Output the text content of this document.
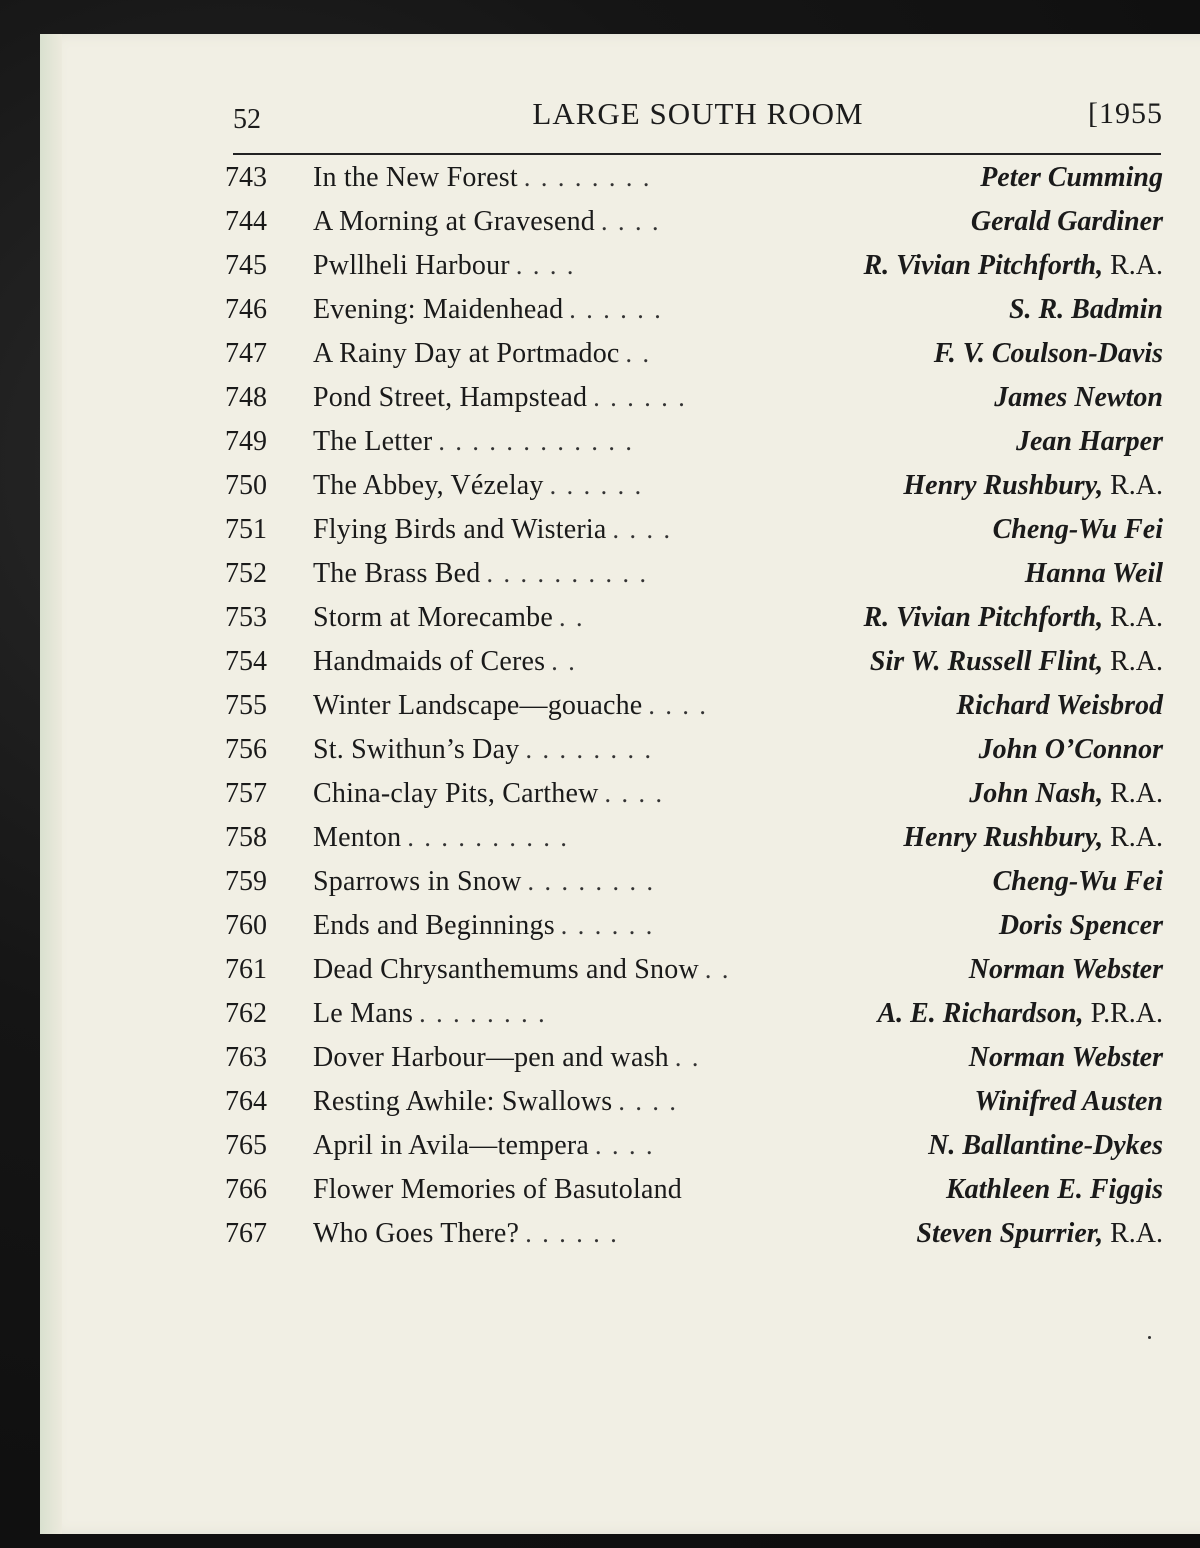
52	LARGE SOUTH ROOM	[1955
743	In the New Forest . . . . . . . .	Peter Cumming
744	A Morning at Gravesend . . . .	Gerald Gardiner
745	Pwllheli Harbour . . . .	R. Vivian Pitchforth, R.A.
746	Evening: Maidenhead . . . . . .	S. R. Badmin
747	A Rainy Day at Portmadoc . .	F. V. Coulson-Davis
748	Pond Street, Hampstead . . . . . .	James Newton
749	The Letter . . . . . . . . . . . .	Jean Harper
750	The Abbey, Vézelay . . . . . .	Henry Rushbury, R.A.
751	Flying Birds and Wisteria . . . .	Cheng-Wu Fei
752	The Brass Bed . . . . . . . . . .	Hanna Weil
753	Storm at Morecambe . .	R. Vivian Pitchforth, R.A.
754	Handmaids of Ceres . .	Sir W. Russell Flint, R.A.
755	Winter Landscape—gouache . . . .	Richard Weisbrod
756	St. Swithun’s Day . . . . . . . .	John O’Connor
757	China-clay Pits, Carthew . . . .	John Nash, R.A.
758	Menton . . . . . . . . . .	Henry Rushbury, R.A.
759	Sparrows in Snow . . . . . . . .	Cheng-Wu Fei
760	Ends and Beginnings . . . . . .	Doris Spencer
761	Dead Chrysanthemums and Snow . .	Norman Webster
762	Le Mans . . . . . . . .	A. E. Richardson, P.R.A.
763	Dover Harbour—pen and wash . .	Norman Webster
764	Resting Awhile: Swallows . . . .	Winifred Austen
765	April in Avila—tempera . . . .	N. Ballantine-Dykes
766	Flower Memories of Basutoland	Kathleen E. Figgis
767	Who Goes There? . . . . . .	Steven Spurrier, R.A.
